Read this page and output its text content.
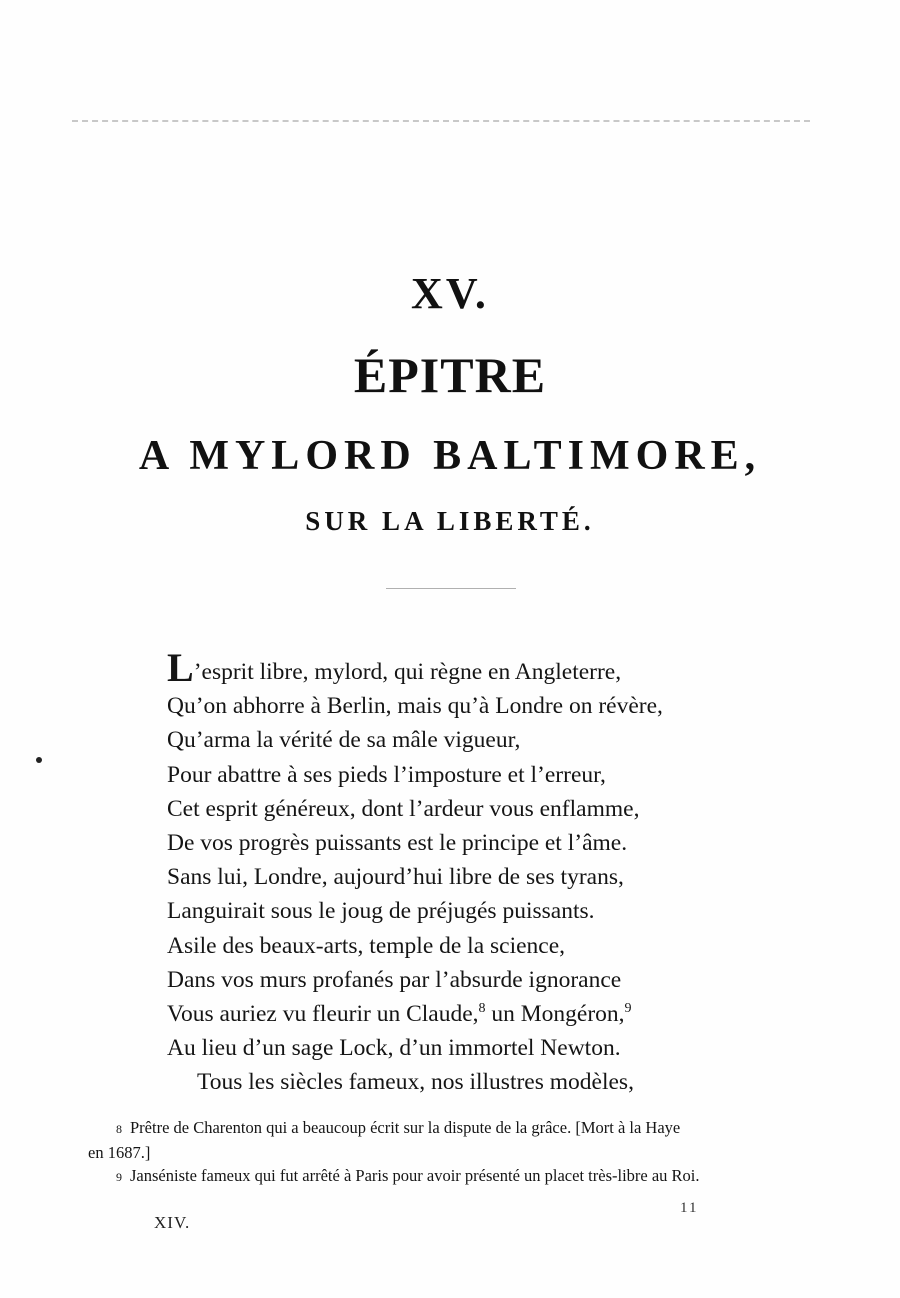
XV.
ÉPITRE
A MYLORD BALTIMORE,
SUR LA LIBERTÉ.
L’esprit libre, mylord, qui règne en Angleterre,
Qu’on abhorre à Berlin, mais qu’à Londre on révère,
Qu’arma la vérité de sa mâle vigueur,
Pour abattre à ses pieds l’imposture et l’erreur,
Cet esprit généreux, dont l’ardeur vous enflamme,
De vos progrès puissants est le principe et l’âme.
Sans lui, Londre, aujourd’hui libre de ses tyrans,
Languirait sous le joug de préjugés puissants.
Asile des beaux-arts, temple de la science,
Dans vos murs profanés par l’absurde ignorance
Vous auriez vu fleurir un Claude,$^8$ un Mongéron,$^9$
Au lieu d’un sage Lock, d’un immortel Newton.
Tous les siècles fameux, nos illustres modèles,
8 Prêtre de Charenton qui a beaucoup écrit sur la dispute de la grâce. [Mort à la Haye
en 1687.]
9 Janséniste fameux qui fut arrêté à Paris pour avoir présenté un placet très-libre au Roi.
XIV.
11
